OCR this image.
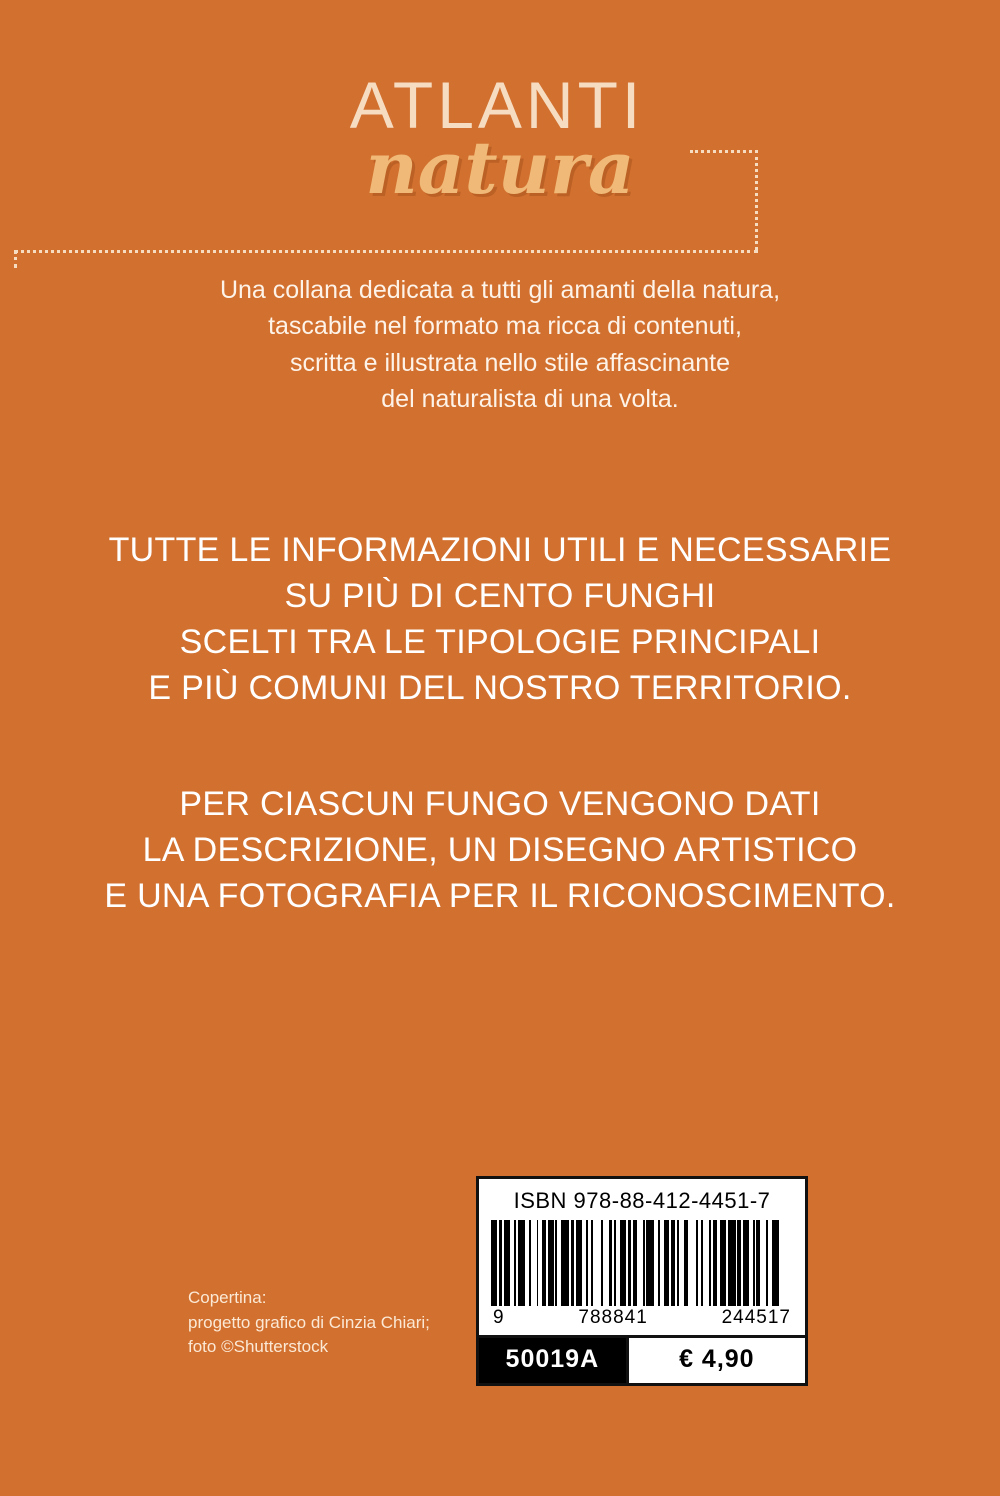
ATLANTI
natura
Una collana dedicata a tutti gli amanti della natura,
tascabile nel formato ma ricca di contenuti,
scritta e illustrata nello stile affascinante
del naturalista di una volta.
TUTTE LE INFORMAZIONI UTILI E NECESSARIE
SU PIÙ DI CENTO FUNGHI
SCELTI TRA LE TIPOLOGIE PRINCIPALI
E PIÙ COMUNI DEL NOSTRO TERRITORIO.
PER CIASCUN FUNGO VENGONO DATI
LA DESCRIZIONE, UN DISEGNO ARTISTICO
E UNA FOTOGRAFIA PER IL RICONOSCIMENTO.
ISBN 978-88-412-4451-7
9	788841	244517
50019A	€ 4,90
Copertina:
progetto grafico di Cinzia Chiari;
foto ©Shutterstock
